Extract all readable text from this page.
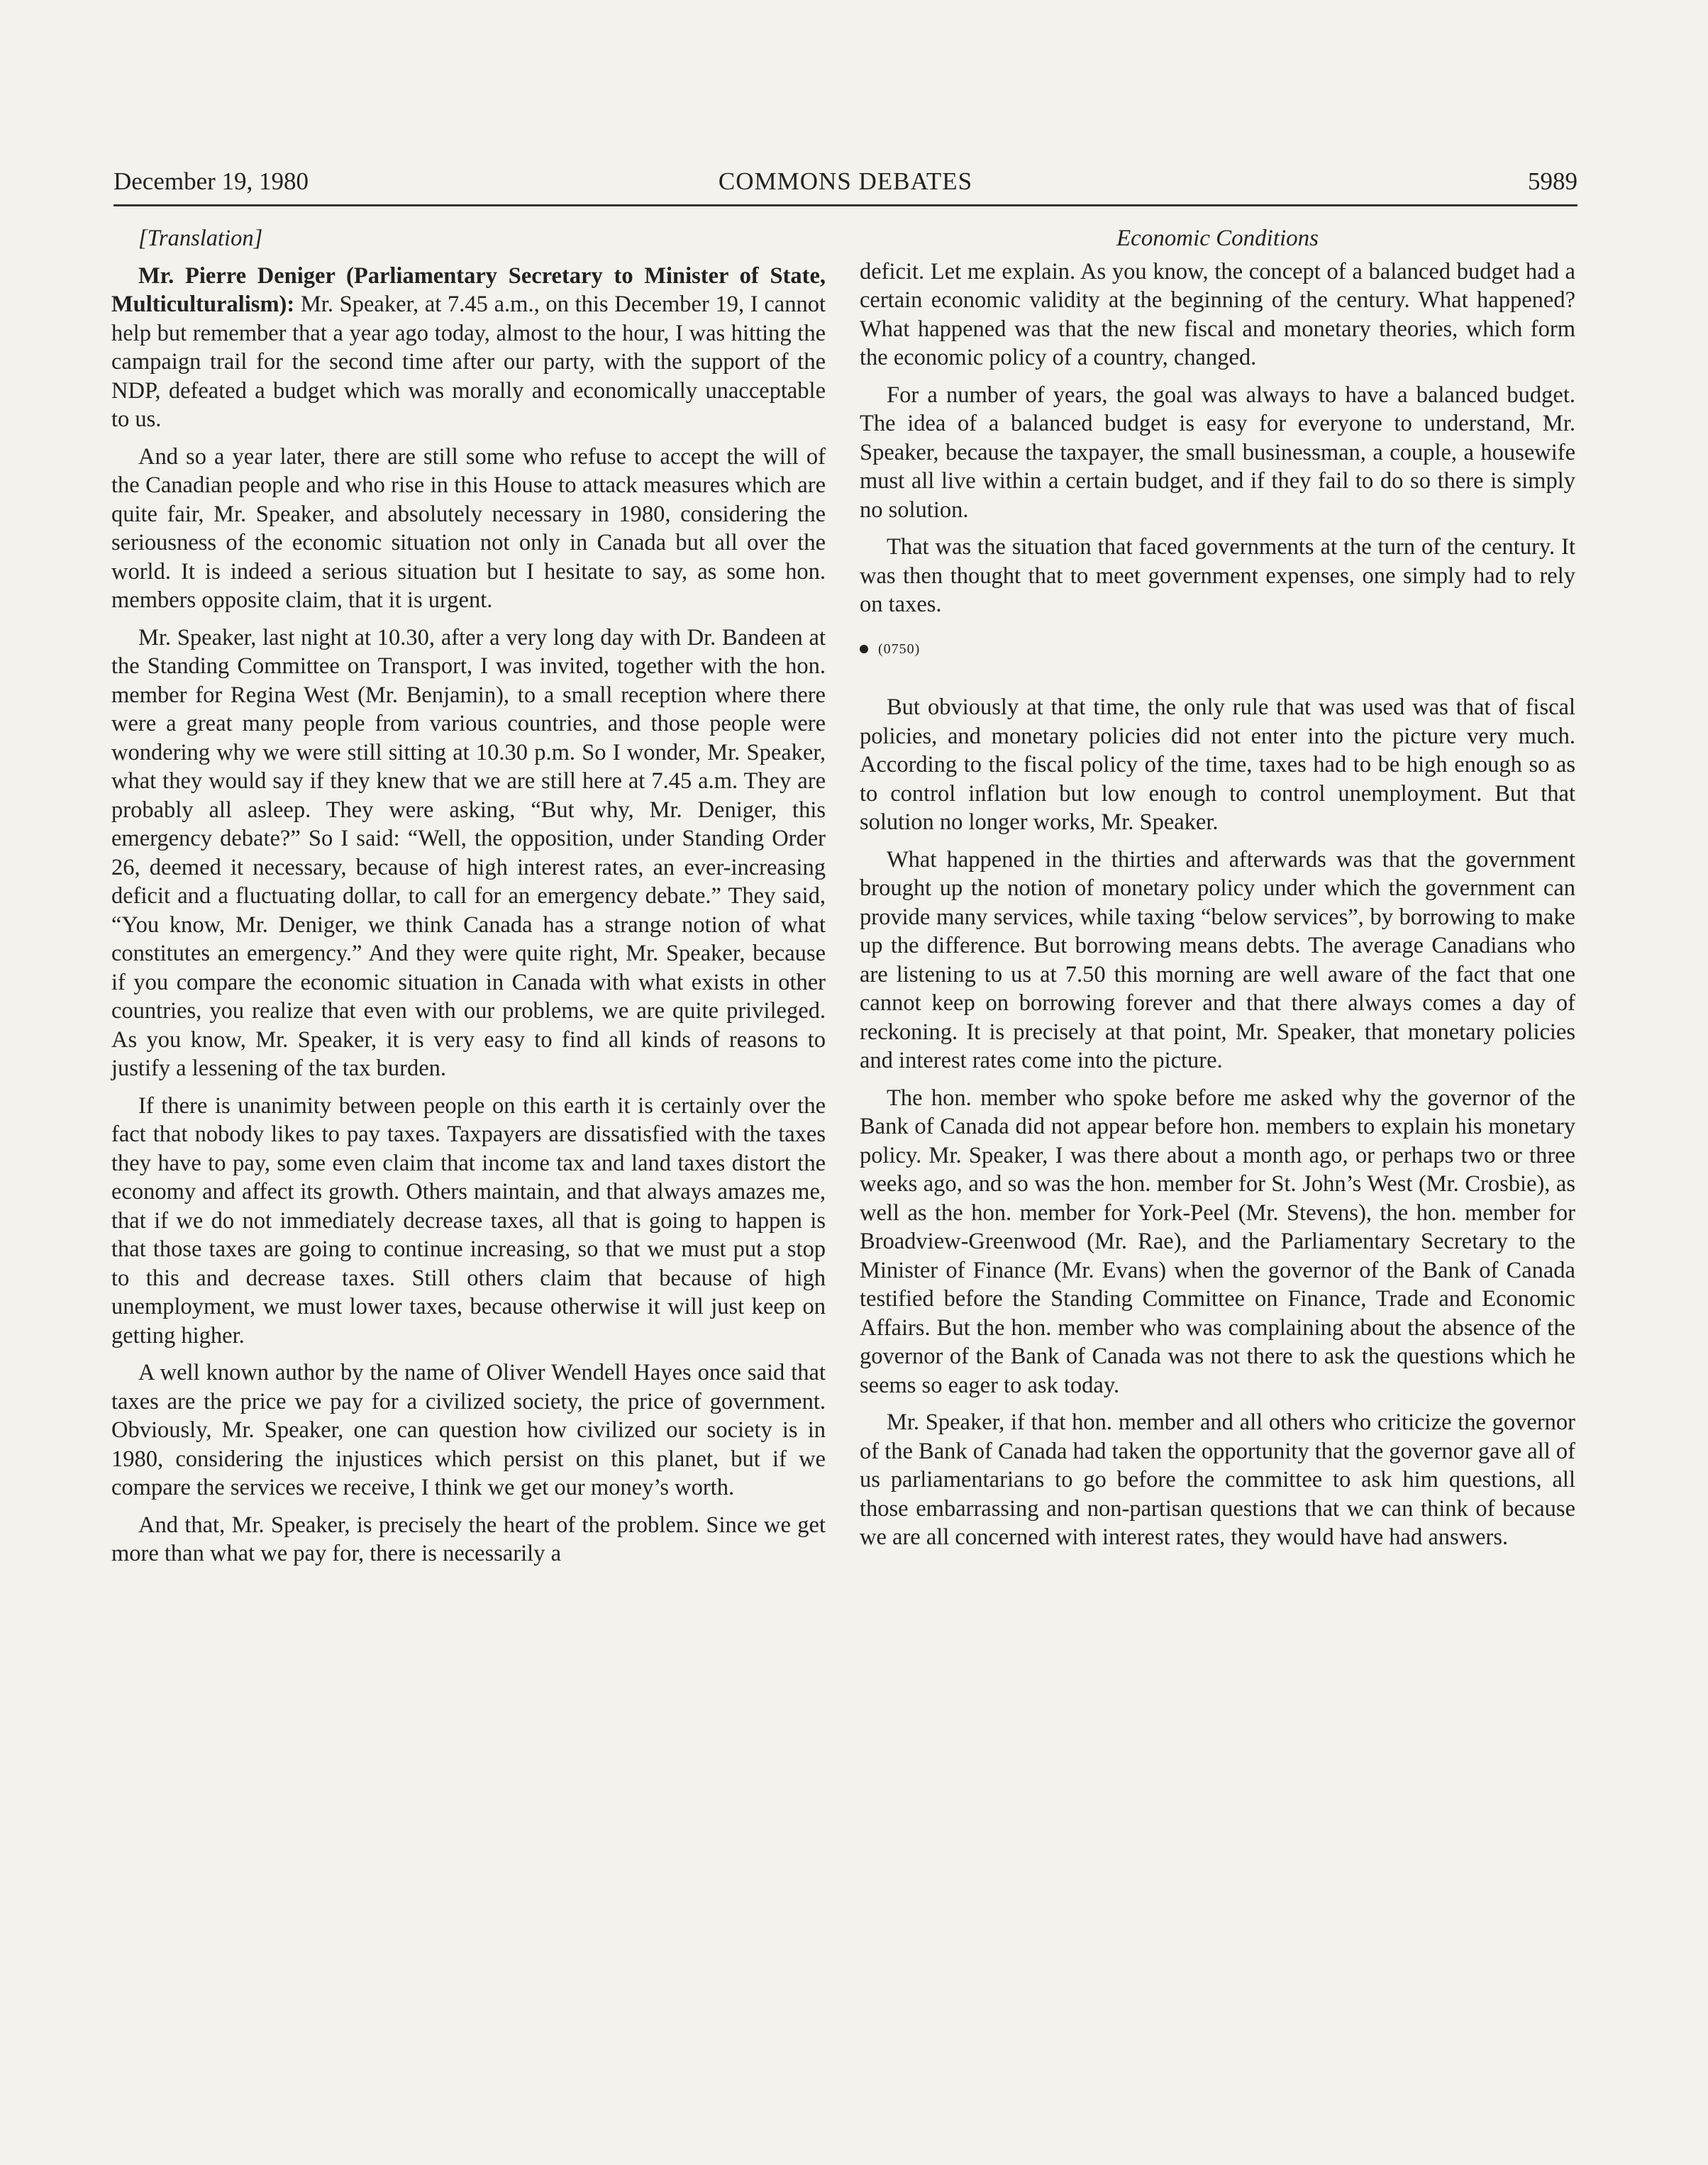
December 19, 1980	COMMONS DEBATES	5989

[Translation]

Mr. Pierre Deniger (Parliamentary Secretary to Minister of State, Multiculturalism): Mr. Speaker, at 7.45 a.m., on this December 19, I cannot help but remember that a year ago today, almost to the hour, I was hitting the campaign trail for the second time after our party, with the support of the NDP, defeated a budget which was morally and economically unacceptable to us.

And so a year later, there are still some who refuse to accept the will of the Canadian people and who rise in this House to attack measures which are quite fair, Mr. Speaker, and absolutely necessary in 1980, considering the seriousness of the economic situation not only in Canada but all over the world. It is indeed a serious situation but I hesitate to say, as some hon. members opposite claim, that it is urgent.

Mr. Speaker, last night at 10.30, after a very long day with Dr. Bandeen at the Standing Committee on Transport, I was invited, together with the hon. member for Regina West (Mr. Benjamin), to a small reception where there were a great many people from various countries, and those people were wondering why we were still sitting at 10.30 p.m. So I wonder, Mr. Speaker, what they would say if they knew that we are still here at 7.45 a.m. They are probably all asleep. They were asking, “But why, Mr. Deniger, this emergency debate?” So I said: “Well, the opposition, under Standing Order 26, deemed it necessary, because of high interest rates, an ever-increasing deficit and a fluctuating dollar, to call for an emergency debate.” They said, “You know, Mr. Deniger, we think Canada has a strange notion of what constitutes an emergency.” And they were quite right, Mr. Speaker, because if you compare the economic situation in Canada with what exists in other countries, you realize that even with our problems, we are quite privileged. As you know, Mr. Speaker, it is very easy to find all kinds of reasons to justify a lessening of the tax burden.

If there is unanimity between people on this earth it is certainly over the fact that nobody likes to pay taxes. Taxpayers are dissatisfied with the taxes they have to pay, some even claim that income tax and land taxes distort the economy and affect its growth. Others maintain, and that always amazes me, that if we do not immediately decrease taxes, all that is going to happen is that those taxes are going to continue increasing, so that we must put a stop to this and decrease taxes. Still others claim that because of high unemployment, we must lower taxes, because otherwise it will just keep on getting higher.

A well known author by the name of Oliver Wendell Hayes once said that taxes are the price we pay for a civilized society, the price of government. Obviously, Mr. Speaker, one can question how civilized our society is in 1980, considering the injustices which persist on this planet, but if we compare the services we receive, I think we get our money’s worth.

And that, Mr. Speaker, is precisely the heart of the problem. Since we get more than what we pay for, there is necessarily a

Economic Conditions

deficit. Let me explain. As you know, the concept of a balanced budget had a certain economic validity at the beginning of the century. What happened? What happened was that the new fiscal and monetary theories, which form the economic policy of a country, changed.

For a number of years, the goal was always to have a balanced budget. The idea of a balanced budget is easy for everyone to understand, Mr. Speaker, because the taxpayer, the small businessman, a couple, a housewife must all live within a certain budget, and if they fail to do so there is simply no solution.

That was the situation that faced governments at the turn of the century. It was then thought that to meet government expenses, one simply had to rely on taxes.

(0750)

But obviously at that time, the only rule that was used was that of fiscal policies, and monetary policies did not enter into the picture very much. According to the fiscal policy of the time, taxes had to be high enough so as to control inflation but low enough to control unemployment. But that solution no longer works, Mr. Speaker.

What happened in the thirties and afterwards was that the government brought up the notion of monetary policy under which the government can provide many services, while taxing “below services”, by borrowing to make up the difference. But borrowing means debts. The average Canadians who are listening to us at 7.50 this morning are well aware of the fact that one cannot keep on borrowing forever and that there always comes a day of reckoning. It is precisely at that point, Mr. Speaker, that monetary policies and interest rates come into the picture.

The hon. member who spoke before me asked why the governor of the Bank of Canada did not appear before hon. members to explain his monetary policy. Mr. Speaker, I was there about a month ago, or perhaps two or three weeks ago, and so was the hon. member for St. John’s West (Mr. Crosbie), as well as the hon. member for York-Peel (Mr. Stevens), the hon. member for Broadview-Greenwood (Mr. Rae), and the Parliamentary Secretary to the Minister of Finance (Mr. Evans) when the governor of the Bank of Canada testified before the Standing Committee on Finance, Trade and Economic Affairs. But the hon. member who was complaining about the absence of the governor of the Bank of Canada was not there to ask the questions which he seems so eager to ask today.

Mr. Speaker, if that hon. member and all others who criticize the governor of the Bank of Canada had taken the opportunity that the governor gave all of us parliamentarians to go before the committee to ask him questions, all those embarrassing and non-partisan questions that we can think of because we are all concerned with interest rates, they would have had answers.
